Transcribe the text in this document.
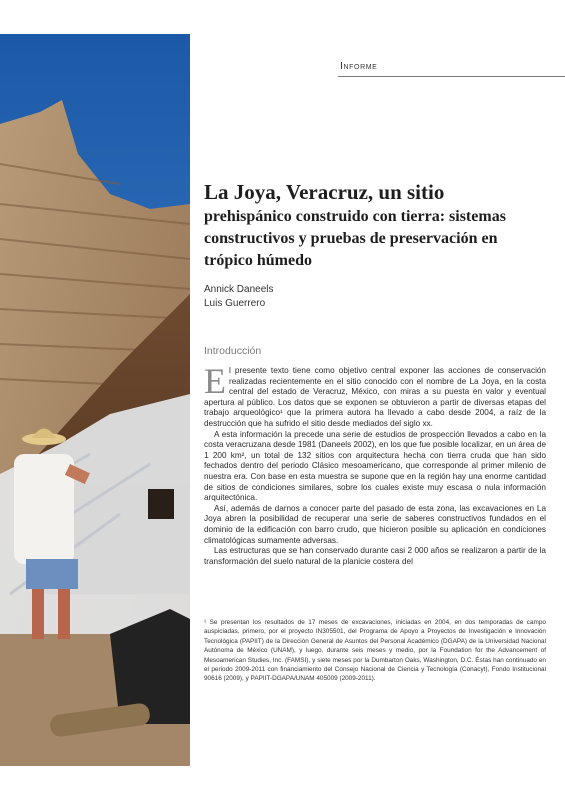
Informe
La Joya, Veracruz, un sitio
prehispánico construido con tierra: sistemas constructivos y pruebas de preservación en trópico húmedo
Annick Daneels
Luis Guerrero
Introducción

El presente texto tiene como objetivo central exponer las acciones de conservación realizadas recientemente en el sitio conocido con el nombre de La Joya, en la costa central del estado de Veracruz, México, con miras a su puesta en valor y eventual apertura al público. Los datos que se exponen se obtuvieron a partir de diversas etapas del trabajo arqueológico¹ que la primera autora ha llevado a cabo desde 2004, a raíz de la destrucción que ha sufrido el sitio desde mediados del siglo xx.

A esta información la precede una serie de estudios de prospección llevados a cabo en la costa veracruzana desde 1981 (Daneels 2002), en los que fue posible localizar, en un área de 1 200 km², un total de 132 sitios con arquitectura hecha con tierra cruda que han sido fechados dentro del periodo Clásico mesoamericano, que corresponde al primer milenio de nuestra era. Con base en esta muestra se supone que en la región hay una enorme cantidad de sitios de condiciones similares, sobre los cuales existe muy escasa o nula información arquitectónica.

Así, además de darnos a conocer parte del pasado de esta zona, las excavaciones en La Joya abren la posibilidad de recuperar una serie de saberes constructivos fundados en el dominio de la edificación con barro crudo, que hicieron posible su aplicación en condiciones climatológicas sumamente adversas.

Las estructuras que se han conservado durante casi 2 000 años se realizaron a partir de la transformación del suelo natural de la planicie costera del

¹ Se presentan los resultados de 17 meses de excavaciones, iniciadas en 2004, en dos temporadas de campo auspiciadas, primero, por el proyecto IN305501, del Programa de Apoyo a Proyectos de Investigación e Innovación Tecnológica (PAPIIT) de la Dirección General de Asuntos del Personal Académico (DGAPA) de la Universidad Nacional Autónoma de México (UNAM), y luego, durante seis meses y medio, por la Foundation for the Advancement of Mesoamerican Studies, Inc. (FAMSI), y siete meses por la Dumbarton Oaks, Washington, D.C. Éstas han continuado en el periodo 2009-2011 con financiamiento del Consejo Nacional de Ciencia y Tecnología (Conacyt), Fondo Institucional 90616 (2009), y PAPIIT-DGAPA/UNAM 405009 (2009-2011).
